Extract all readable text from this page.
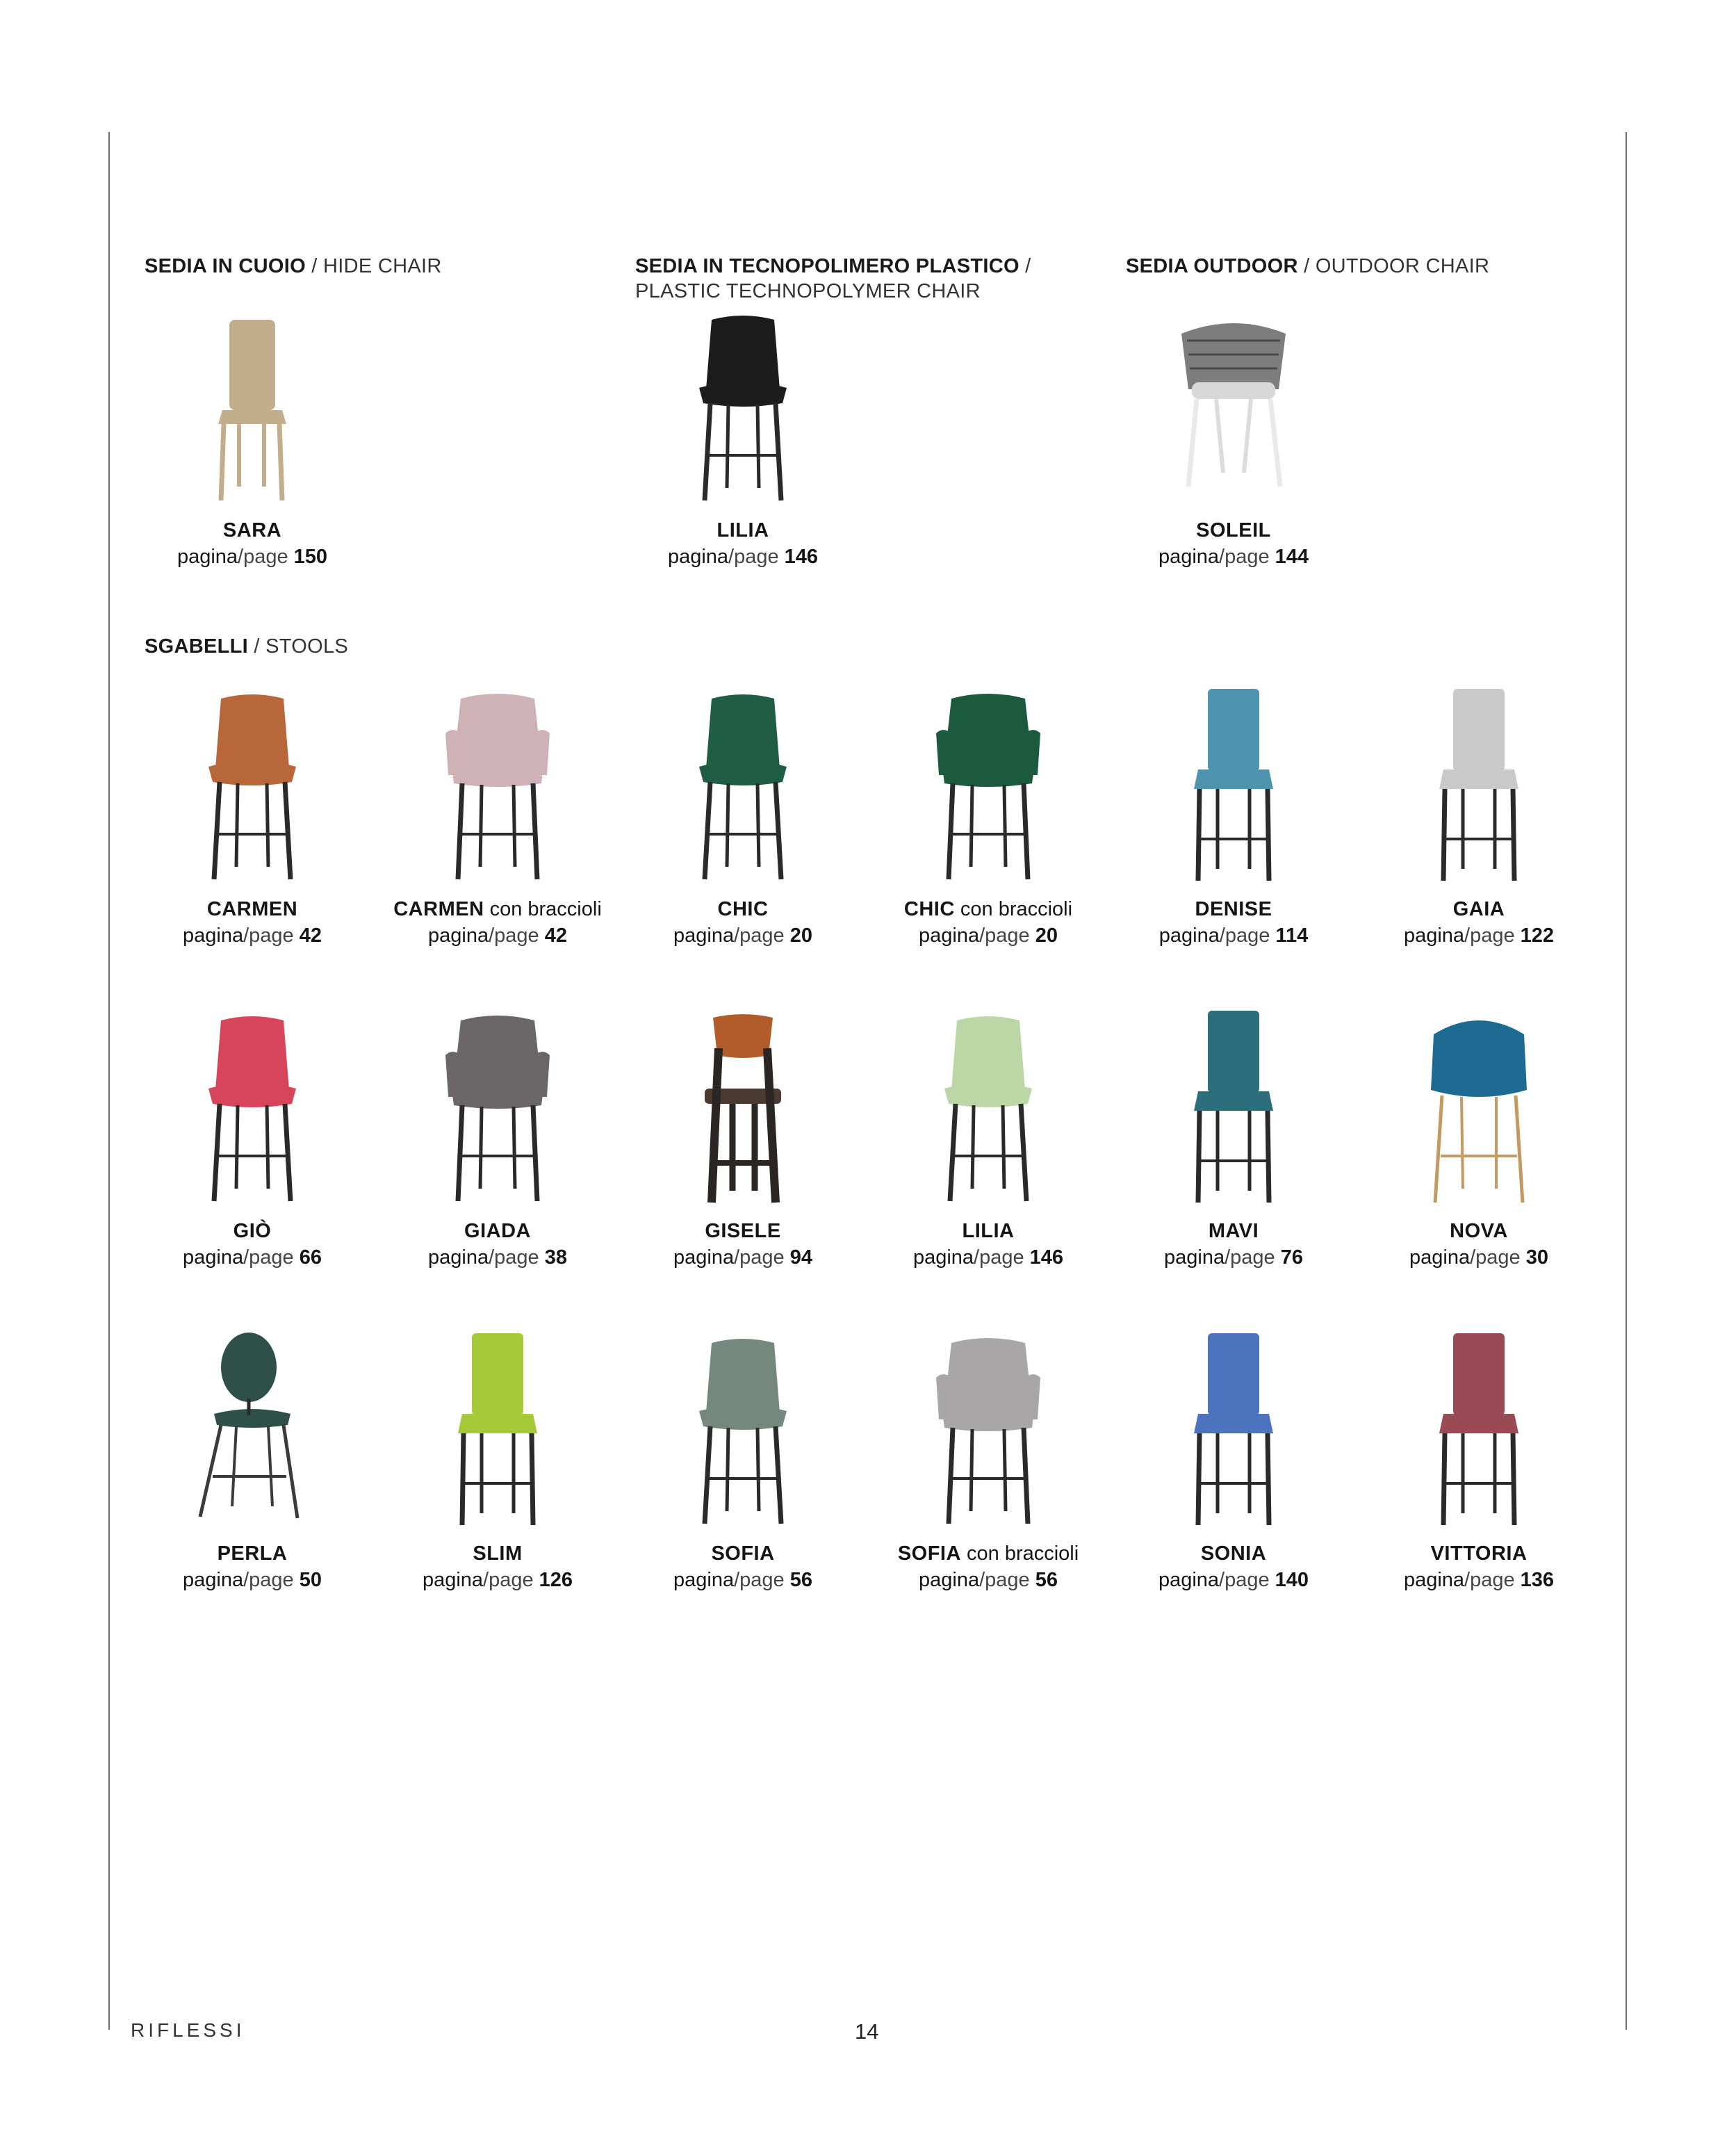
SEDIA IN CUOIO / HIDE CHAIR	SEDIA IN TECNOPOLIMERO PLASTICO /
PLASTIC TECHNOPOLYMER CHAIR
SEDIA OUTDOOR / OUTDOOR CHAIR
SGABELLI / STOOLS
SARA
pagina/page 150
LILIA
pagina/page 146
SOLEIL
pagina/page 144
CARMEN
pagina/page 42
CARMEN con braccioli
pagina/page 42
CHIC
pagina/page 20
CHIC con braccioli
pagina/page 20
DENISE
pagina/page 114
GAIA
pagina/page 122
GIÒ
pagina/page 66
GIADA
pagina/page 38
GISELE
pagina/page 94
LILIA
pagina/page 146
MAVI
pagina/page 76
NOVA
pagina/page 30
PERLA
pagina/page 50
SLIM
pagina/page 126
SOFIA
pagina/page 56
SOFIA con braccioli
pagina/page 56
SONIA
pagina/page 140
VITTORIA
pagina/page 136
RIFLESSI	14
